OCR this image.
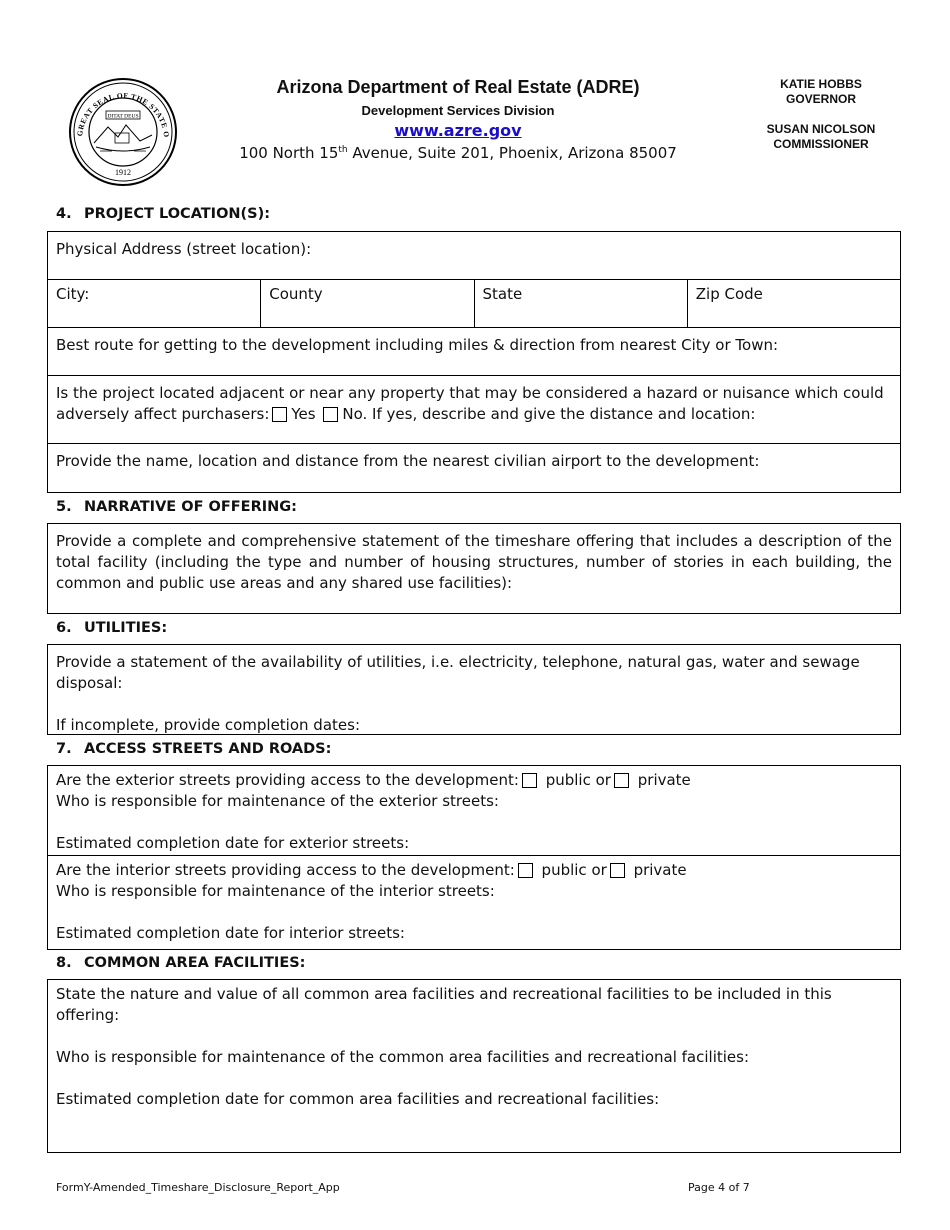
GREAT SEAL OF THE STATE O
DITAT DEUS
1912
Arizona Department of Real Estate (ADRE)
Development Services Division
www.azre.gov
100 North 15th Avenue, Suite 201, Phoenix, Arizona 85007
KATIE HOBBS
GOVERNOR
SUSAN NICOLSON
COMMISSIONER
4. PROJECT LOCATION(S):
Physical Address (street location):
City:	County	State	Zip Code
Best route for getting to the development including miles & direction from nearest City or Town:
Is the project located adjacent or near any property that may be considered a hazard or nuisance which could adversely affect purchasers: Yes No. If yes, describe and give the distance and location:
Provide the name, location and distance from the nearest civilian airport to the development:
5. NARRATIVE OF OFFERING:
Provide a complete and comprehensive statement of the timeshare offering that includes a description of the total facility (including the type and number of housing structures, number of stories in each building, the common and public use areas and any shared use facilities):
6. UTILITIES:
Provide a statement of the availability of utilities, i.e. electricity, telephone, natural gas, water and sewage disposal:
If incomplete, provide completion dates:
7. ACCESS STREETS AND ROADS:
Are the exterior streets providing access to the development: public or private
Who is responsible for maintenance of the exterior streets:
Estimated completion date for exterior streets:
Are the interior streets providing access to the development: public or private
Who is responsible for maintenance of the interior streets:
Estimated completion date for interior streets:
8. COMMON AREA FACILITIES:
State the nature and value of all common area facilities and recreational facilities to be included in this offering:
Who is responsible for maintenance of the common area facilities and recreational facilities:
Estimated completion date for common area facilities and recreational facilities:
FormY-Amended_Timeshare_Disclosure_Report_App	Page 4 of 7
